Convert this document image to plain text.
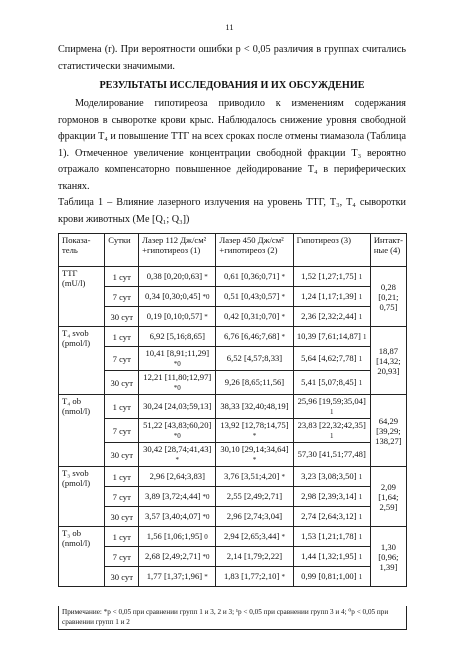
11
Спирмена (r). При вероятности ошибки p < 0,05 различия в группах считались статистически значимыми.
РЕЗУЛЬТАТЫ ИССЛЕДОВАНИЯ И ИХ ОБСУЖДЕНИЕ
Моделирование гипотиреоза приводило к изменениям содержания гормонов в сыворотке крови крыс. Наблюдалось снижение уровня свободной фракции T₄ и повышение ТТГ на всех сроках после отмены тиамазола (Таблица 1). Отмеченное увеличение концентрации свободной фракции T₃ вероятно отражало компенсаторно повышенное дейодирование T₄ в периферических тканях.
Таблица 1 – Влияние лазерного излучения на уровень ТТГ, T₃, T₄ сыворотки крови животных (Me [Q₁; Q₃])
Показа-тель	Сутки	Лазер 112 Дж/см² +гипотиреоз (1)	Лазер 450 Дж/см² +гипотиреоз (2)	Гипотиреоз (3)	Интакт-ные (4)
ТТГ (mU/l)	1 сут	0,38 [0,20;0,63] *	0,61 [0,36;0,71] *	1,52 [1,27;1,75] 1	0,28 [0,21; 0,75]
	7 сут	0,34 [0,30;0,45] *0	0,51 [0,43;0,57] *	1,24 [1,17;1,39] 1	
	30 сут	0,19 [0,10;0,57] *	0,42 [0,31;0,70] *	2,36 [2,32;2,44] 1	
T₄ svob (pmol/l)	1 сут	6,92 [5,16;8,65]	6,76 [6,46;7,68] *	10,39 [7,61;14,87] 1	18,87 [14,32; 20,93]
	7 сут	10,41 [8,91;11,29] *0	6,52 [4,57;8,33]	5,64 [4,62;7,78] 1	
	30 сут	12,21 [11,80;12,97] *0	9,26 [8,65;11,56]	5,41 [5,07;8,45] 1	
T₄ ob (nmol/l)	1 сут	30,24 [24,03;59,13]	38,33 [32,40;48,19]	25,96 [19,59;35,04] 1	64,29 [39,29; 138,27]
	7 сут	51,22 [43,83;60,20] *0	13,92 [12,78;14,75] *	23,83 [22,32;42,35] 1	
	30 сут	30,42 [28,74;41,43] *	30,10 [29,14;34,64] *	57,30 [41,51;77,48]	
T₃ svob (pmol/l)	1 сут	2,96 [2,64;3,83]	3,76 [3,51;4,20] *	3,23 [3,08;3,50] 1	2,09 [1,64; 2,59]
	7 сут	3,89 [3,72;4,44] *0	2,55 [2,49;2,71]	2,98 [2,39;3,14] 1	
	30 сут	3,57 [3,40;4,07] *0	2,96 [2,74;3,04]	2,74 [2,64;3,12] 1	
T₃ ob (nmol/l)	1 сут	1,56 [1,06;1,95] 0	2,94 [2,65;3,44] *	1,53 [1,21;1,78] 1	1,30 [0,96; 1,39]
	7 сут	2,68 [2,49;2,71] *0	2,14 [1,79;2,22]	1,44 [1,32;1,95] 1	
	30 сут	1,77 [1,37;1,96] *	1,83 [1,77;2,10] *	0,99 [0,81;1,00] 1	
Примечание: *p < 0,05 при сравнении групп 1 и 3, 2 и 3; ¹p < 0,05 при сравнении групп 3 и 4; ⁰p < 0,05 при сравнении групп 1 и 2
